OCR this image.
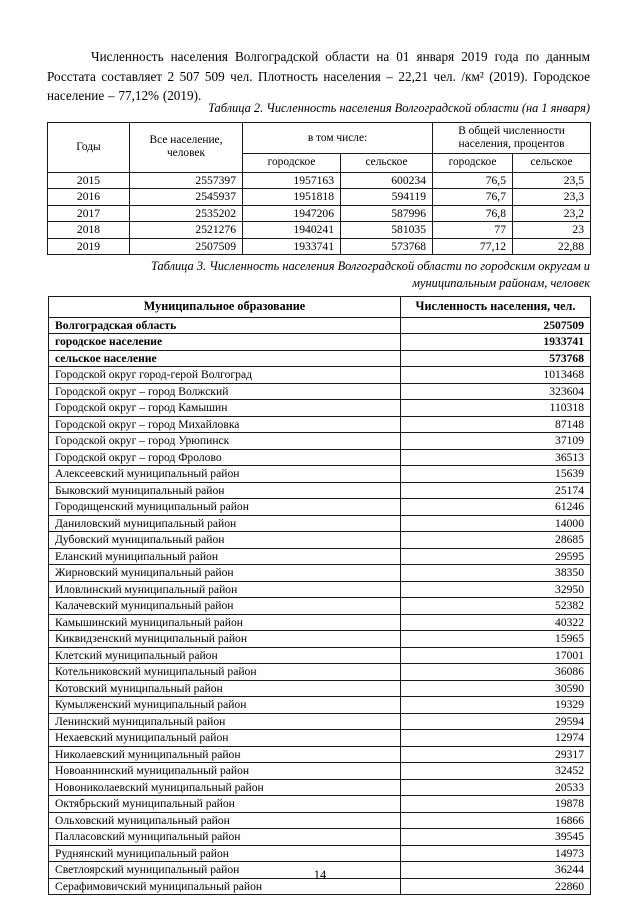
Численность населения Волгоградской области на 01 января 2019 года по данным Росстата составляет 2 507 509 чел. Плотность населения – 22,21 чел. /км² (2019). Городское население – 77,12% (2019).

Таблица 2. Численность населения Волгоградской области (на 1 января)
Годы	Все население, человек	в том числе:		В общей численности населения, процентов	
		городское	сельское	городское	сельское
2015	2557397	1957163	600234	76,5	23,5
2016	2545937	1951818	594119	76,7	23,3
2017	2535202	1947206	587996	76,8	23,2
2018	2521276	1940241	581035	77	23
2019	2507509	1933741	573768	77,12	22,88
Таблица 3. Численность населения Волгоградской области по городским округам и
муниципальным районам, человек
Муниципальное образование	Численность населения, чел.
Волгоградская область	2507509
городское население	1933741
сельское население	573768
Городской округ город-герой Волгоград	1013468
Городской округ – город Волжский	323604
Городской округ – город Камышин	110318
Городской округ – город Михайловка	87148
Городской округ – город Урюпинск	37109
Городской округ – город Фролово	36513
Алексеевский муниципальный район	15639
Быковский муниципальный район	25174
Городищенский муниципальный район	61246
Даниловский муниципальный район	14000
Дубовский муниципальный район	28685
Еланский муниципальный район	29595
Жирновский муниципальный район	38350
Иловлинский муниципальный район	32950
Калачевский муниципальный район	52382
Камышинский муниципальный район	40322
Киквидзенский муниципальный район	15965
Клетский муниципальный район	17001
Котельниковский муниципальный район	36086
Котовский муниципальный район	30590
Кумылженский муниципальный район	19329
Ленинский муниципальный район	29594
Нехаевский муниципальный район	12974
Николаевский муниципальный район	29317
Новоаннинский муниципальный район	32452
Новониколаевский муниципальный район	20533
Октябрьский муниципальный район	19878
Ольховский муниципальный район	16866
Палласовский муниципальный район	39545
Руднянский муниципальный район	14973
Светлоярский муниципальный район	36244
Серафимовичский муниципальный район	22860
14
